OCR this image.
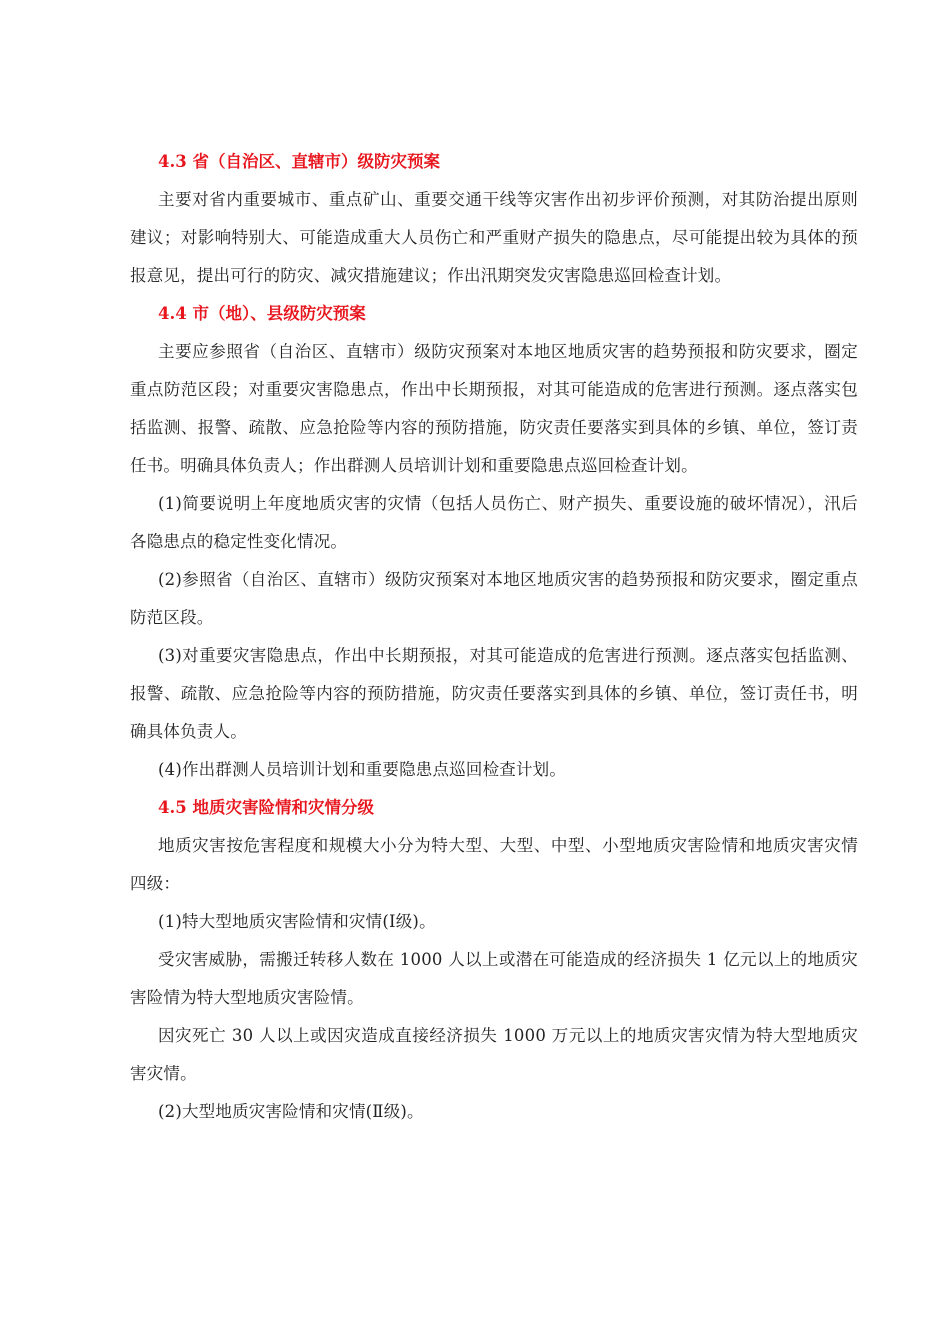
4.3 省（自治区、直辖市）级防灾预案

主要对省内重要城市、重点矿山、重要交通干线等灾害作出初步评价预测，对其防治提出原则建议；对影响特别大、可能造成重大人员伤亡和严重财产损失的隐患点，尽可能提出较为具体的预报意见，提出可行的防灾、减灾措施建议；作出汛期突发灾害隐患巡回检查计划。

4.4 市（地）、县级防灾预案

主要应参照省（自治区、直辖市）级防灾预案对本地区地质灾害的趋势预报和防灾要求，圈定重点防范区段；对重要灾害隐患点，作出中长期预报，对其可能造成的危害进行预测。逐点落实包括监测、报警、疏散、应急抢险等内容的预防措施，防灾责任要落实到具体的乡镇、单位，签订责任书。明确具体负责人；作出群测人员培训计划和重要隐患点巡回检查计划。

(1)简要说明上年度地质灾害的灾情（包括人员伤亡、财产损失、重要设施的破坏情况），汛后各隐患点的稳定性变化情况。

(2)参照省（自治区、直辖市）级防灾预案对本地区地质灾害的趋势预报和防灾要求，圈定重点防范区段。

(3)对重要灾害隐患点，作出中长期预报，对其可能造成的危害进行预测。逐点落实包括监测、报警、疏散、应急抢险等内容的预防措施，防灾责任要落实到具体的乡镇、单位，签订责任书，明确具体负责人。

(4)作出群测人员培训计划和重要隐患点巡回检查计划。

4.5 地质灾害险情和灾情分级

地质灾害按危害程度和规模大小分为特大型、大型、中型、小型地质灾害险情和地质灾害灾情四级：

(1)特大型地质灾害险情和灾情(Ⅰ级)。

受灾害威胁，需搬迁转移人数在 1000 人以上或潜在可能造成的经济损失 1 亿元以上的地质灾害险情为特大型地质灾害险情。

因灾死亡 30 人以上或因灾造成直接经济损失 1000 万元以上的地质灾害灾情为特大型地质灾害灾情。

(2)大型地质灾害险情和灾情(Ⅱ级)。
